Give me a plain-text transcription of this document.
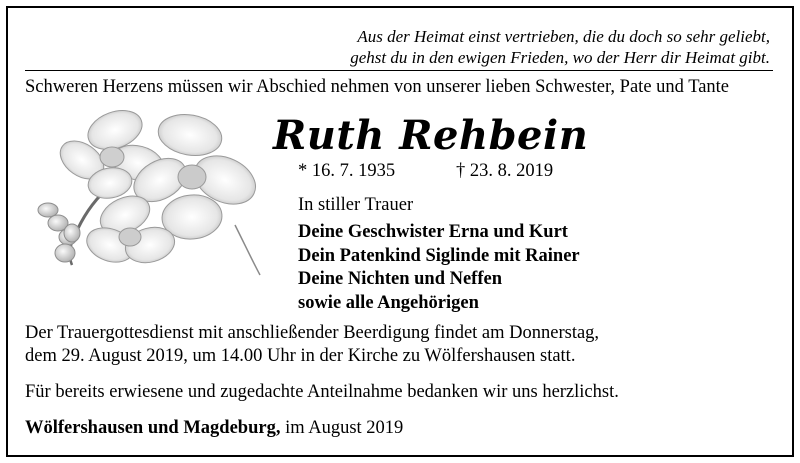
Aus der Heimat einst vertrieben, die du doch so sehr geliebt,
gehst du in den ewigen Frieden, wo der Herr dir Heimat gibt.
Schweren Herzens müssen wir Abschied nehmen von unserer lieben Schwester, Pate und Tante
Ruth Rehbein
* 16. 7. 1935	† 23. 8. 2019
In stiller Trauer
Deine Geschwister Erna und Kurt
Dein Patenkind Siglinde mit Rainer
Deine Nichten und Neffen
sowie alle Angehörigen
Der Trauergottesdienst mit anschließender Beerdigung findet am Donnerstag,
dem 29. August 2019, um 14.00 Uhr in der Kirche zu Wölfershausen statt.
Für bereits erwiesene und zugedachte Anteilnahme bedanken wir uns herzlichst.
Wölfershausen und Magdeburg, im August 2019
